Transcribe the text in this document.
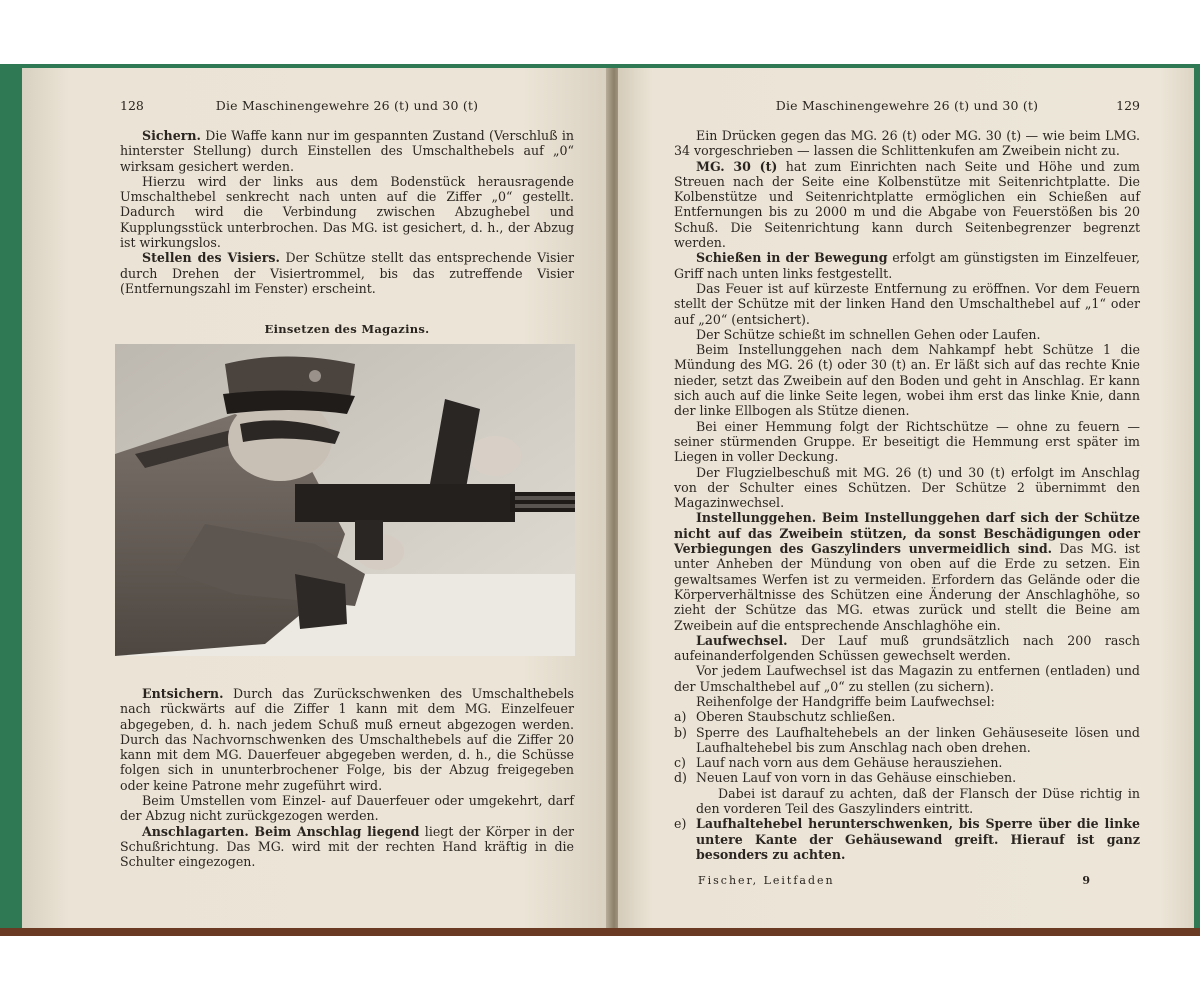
128	Die Maschinengewehre 26 (t) und 30 (t)

Sichern. Die Waffe kann nur im gespannten Zustand (Verschluß in hinterster Stellung) durch Einstellen des Umschalthebels auf „0“ wirksam gesichert werden.

Hierzu wird der links aus dem Bodenstück herausragende Umschalthebel senkrecht nach unten auf die Ziffer „0“ gestellt. Dadurch wird die Verbindung zwischen Abzughebel und Kupplungsstück unterbrochen. Das MG. ist gesichert, d. h., der Abzug ist wirkungslos.

Stellen des Visiers. Der Schütze stellt das entsprechende Visier durch Drehen der Visiertrommel, bis das zutreffende Visier (Entfernungszahl im Fenster) erscheint.

Einsetzen des Magazins.

Entsichern. Durch das Zurückschwenken des Umschalthebels nach rückwärts auf die Ziffer 1 kann mit dem MG. Einzelfeuer abgegeben, d. h. nach jedem Schuß muß erneut abgezogen werden. Durch das Nachvornschwenken des Umschalthebels auf die Ziffer 20 kann mit dem MG. Dauerfeuer abgegeben werden, d. h., die Schüsse folgen sich in ununterbrochener Folge, bis der Abzug freigegeben oder keine Patrone mehr zugeführt wird.

Beim Umstellen vom Einzel- auf Dauerfeuer oder umgekehrt, darf der Abzug nicht zurückgezogen werden.

Anschlagarten. Beim Anschlag liegend liegt der Körper in der Schußrichtung. Das MG. wird mit der rechten Hand kräftig in die Schulter eingezogen.

Die Maschinengewehre 26 (t) und 30 (t)	129

Ein Drücken gegen das MG. 26 (t) oder MG. 30 (t) — wie beim LMG. 34 vorgeschrieben — lassen die Schlittenkufen am Zweibein nicht zu.

MG. 30 (t) hat zum Einrichten nach Seite und Höhe und zum Streuen nach der Seite eine Kolbenstütze mit Seitenrichtplatte. Die Kolbenstütze und Seitenrichtplatte ermöglichen ein Schießen auf Entfernungen bis zu 2000 m und die Abgabe von Feuerstößen bis 20 Schuß. Die Seitenrichtung kann durch Seitenbegrenzer begrenzt werden.

Schießen in der Bewegung erfolgt am günstigsten im Einzelfeuer, Griff nach unten links festgestellt.

Das Feuer ist auf kürzeste Entfernung zu eröffnen. Vor dem Feuern stellt der Schütze mit der linken Hand den Umschalthebel auf „1“ oder auf „20“ (entsichert).

Der Schütze schießt im schnellen Gehen oder Laufen.

Beim Instellunggehen nach dem Nahkampf hebt Schütze 1 die Mündung des MG. 26 (t) oder 30 (t) an. Er läßt sich auf das rechte Knie nieder, setzt das Zweibein auf den Boden und geht in Anschlag. Er kann sich auch auf die linke Seite legen, wobei ihm erst das linke Knie, dann der linke Ellbogen als Stütze dienen.

Bei einer Hemmung folgt der Richtschütze — ohne zu feuern — seiner stürmenden Gruppe. Er beseitigt die Hemmung erst später im Liegen in voller Deckung.

Der Flugzielbeschuß mit MG. 26 (t) und 30 (t) erfolgt im Anschlag von der Schulter eines Schützen. Der Schütze 2 übernimmt den Magazinwechsel.

Instellunggehen. Beim Instellunggehen darf sich der Schütze nicht auf das Zweibein stützen, da sonst Beschädigungen oder Verbiegungen des Gaszylinders unvermeidlich sind. Das MG. ist unter Anheben der Mündung von oben auf die Erde zu setzen. Ein gewaltsames Werfen ist zu vermeiden. Erfordern das Gelände oder die Körperverhältnisse des Schützen eine Änderung der Anschlaghöhe, so zieht der Schütze das MG. etwas zurück und stellt die Beine am Zweibein auf die entsprechende Anschlaghöhe ein.

Laufwechsel. Der Lauf muß grundsätzlich nach 200 rasch aufeinanderfolgenden Schüssen gewechselt werden.

Vor jedem Laufwechsel ist das Magazin zu entfernen (entladen) und der Umschalthebel auf „0“ zu stellen (zu sichern).

Reihenfolge der Handgriffe beim Laufwechsel:

a) Oberen Staubschutz schließen.

b) Sperre des Laufhaltehebels an der linken Gehäuseseite lösen und Laufhaltehebel bis zum Anschlag nach oben drehen.

c) Lauf nach vorn aus dem Gehäuse herausziehen.

d) Neuen Lauf von vorn in das Gehäuse einschieben.

Dabei ist darauf zu achten, daß der Flansch der Düse richtig in den vorderen Teil des Gaszylinders eintritt.

e) Laufhaltehebel herunterschwenken, bis Sperre über die linke untere Kante der Gehäusewand greift. Hierauf ist ganz besonders zu achten.

Fischer, Leitfaden	9
